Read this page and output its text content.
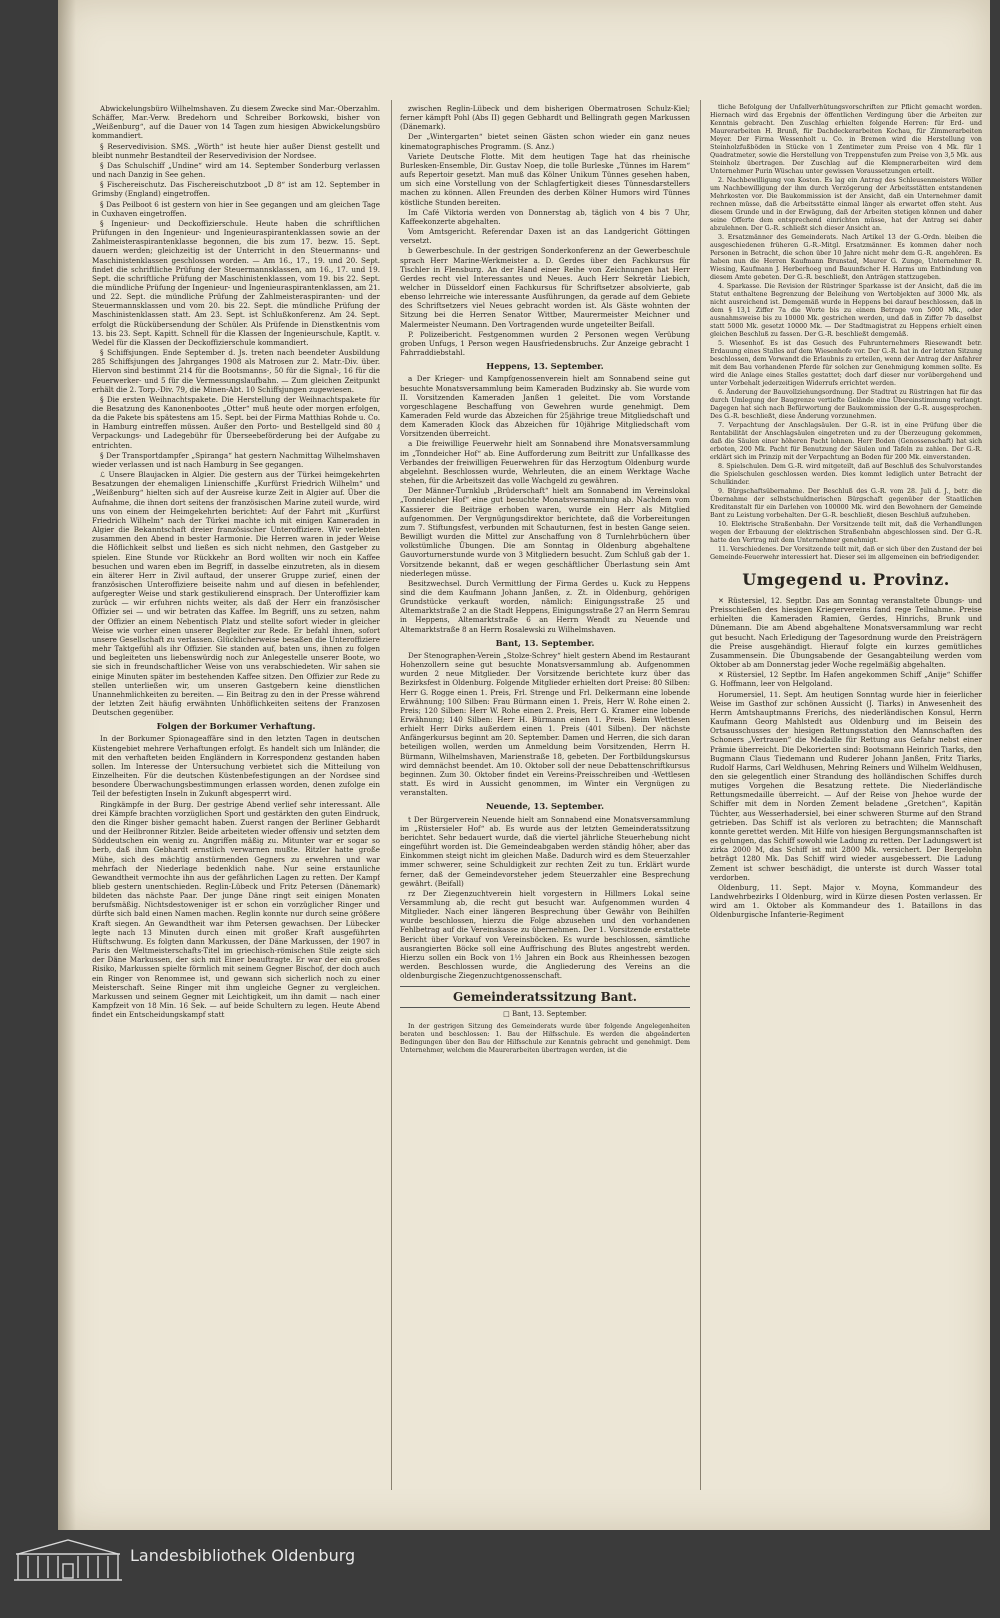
Abwickelungsbüro Wilhelmshaven. Zu diesem Zwecke sind Mar.-Oberzahlm. Schäffer, Mar.-Verw. Bredehorn und Schreiber Borkowski, bisher von „Weißenburg“, auf die Dauer von 14 Tagen zum hiesigen Abwickelungsbüro kommandiert.

§ Reservedivision. SMS. „Wörth“ ist heute hier außer Dienst gestellt und bleibt nunmehr Bestandteil der Reservedivision der Nordsee.

§ Das Schulschiff „Undine“ wird am 14. September Sonderburg verlassen und nach Danzig in See gehen.

§ Fischereischutz. Das Fischereischutzboot „D 8“ ist am 12. September in Grimsby (England) eingetroffen.

§ Das Peilboot 6 ist gestern von hier in See gegangen und am gleichen Tage in Cuxhaven eingetroffen.

§ Ingenieur- und Deckoffizierschule. Heute haben die schriftlichen Prüfungen in den Ingenieur- und Ingenieuraspirantenklassen sowie an der Zahlmeisteraspirantenklasse begonnen, die bis zum 17. bezw. 15. Sept. dauern werden; gleichzeitig ist der Unterricht in den Steuermanns- und Maschinistenklassen geschlossen worden. — Am 16., 17., 19. und 20. Sept. findet die schriftliche Prüfung der Steuermannsklassen, am 16., 17. und 19. Sept. die schriftliche Prüfung der Maschinistenklassen, vom 19. bis 22. Sept. die mündliche Prüfung der Ingenieur- und Ingenieuraspirantenklassen, am 21. und 22. Sept. die mündliche Prüfung der Zahlmeisteraspiranten- und der Steuermannsklassen und vom 20. bis 22. Sept. die mündliche Prüfung der Maschinistenklassen statt. Am 23. Sept. ist Schlußkonferenz. Am 24. Sept. erfolgt die Rückübersendung der Schüler. Als Prüfende in Dienstkentnis vom 13. bis 23. Sept. Kapitt. Schnell für die Klassen der Ingenieurschule, Kaptlt. v. Wedel für die Klassen der Deckoffizierschule kommandiert.

§ Schiffsjungen. Ende September d. Js. treten nach beendeter Ausbildung 285 Schiffsjungen des Jahrganges 1908 als Matrosen zur 2. Matr.-Div. über. Hiervon sind bestimmt 214 für die Bootsmanns-, 50 für die Signal-, 16 für die Feuerwerker- und 5 für die Vermessungslaufbahn. — Zum gleichen Zeitpunkt erhält die 2. Torp.-Div. 79, die Minen-Abt. 10 Schiffsjungen zugewiesen.

§ Die ersten Weihnachtspakete. Die Herstellung der Weihnachtspakete für die Besatzung des Kanonenbootes „Otter“ muß heute oder morgen erfolgen, da die Pakete bis spätestens am 15. Sept. bei der Firma Matthias Rohde u. Co. in Hamburg eintreffen müssen. Außer den Porto- und Bestellgeld sind 80 ₰ Verpackungs- und Ladegebühr für Überseebeförderung bei der Aufgabe zu entrichten.

§ Der Transportdampfer „Spiranga“ hat gestern Nachmittag Wilhelmshaven wieder verlassen und ist nach Hamburg in See gegangen.

ℒ Unsere Blaujacken in Algier. Die gestern aus der Türkei heimgekehrten Besatzungen der ehemaligen Linienschiffe „Kurfürst Friedrich Wilhelm“ und „Weißenburg“ hielten sich auf der Ausreise kurze Zeit in Algier auf. Über die Aufnahme, die ihnen dort seitens der französischen Marine zuteil wurde, wird uns von einem der Heimgekehrten berichtet: Auf der Fahrt mit „Kurfürst Friedrich Wilhelm“ nach der Türkei machte ich mit einigen Kameraden in Algier die Bekanntschaft dreier französischer Unteroffiziere. Wir verlebten zusammen den Abend in bester Harmonie. Die Herren waren in jeder Weise die Höflichkeit selbst und ließen es sich nicht nehmen, den Gastgeber zu spielen. Eine Stunde vor Rückkehr an Bord wollten wir noch ein Kaffee besuchen und waren eben im Begriff, in dasselbe einzutreten, als in diesem ein älterer Herr in Zivil auftaud, der unserer Gruppe zurief, einen der französischen Unteroffiziere beiseite nahm und auf diesen in befehlender, aufgeregter Weise und stark gestikulierend einsprach. Der Unteroffizier kam zurück — wir erfuhren nichts weiter, als daß der Herr ein französischer Offizier sei — und wir betraten das Kaffee. Im Begriff, uns zu setzen, nahm der Offizier an einem Nebentisch Platz und stellte sofort wieder in gleicher Weise wie vorher einen unserer Begleiter zur Rede. Er befahl ihnen, sofort unsere Gesellschaft zu verlassen. Glücklicherweise besaßen die Unteroffiziere mehr Taktgefühl als ihr Offizier. Sie standen auf, baten uns, ihnen zu folgen und begleiteten uns liebenswürdig noch zur Anlegestelle unserer Boote, wo sie sich in freundschaftlicher Weise von uns verabschiedeten. Wir sahen sie einige Minuten später im bestehenden Kaffee sitzen. Den Offizier zur Rede zu stellen unterließen wir, um unseren Gastgebern keine dienstlichen Unannehmlichkeiten zu bereiten. — Ein Beitrag zu den in der Presse während der letzten Zeit häufig erwähnten Unhöflichkeiten seitens der Franzosen Deutschen gegenüber.

Folgen der Borkumer Verhaftung.

In der Borkumer Spionageaffäre sind in den letzten Tagen in deutschen Küstengebiet mehrere Verhaftungen erfolgt. Es handelt sich um Inländer, die mit den verhafteten beiden Engländern in Korrespondenz gestanden haben sollen. Im Interesse der Untersuchung verbietet sich die Mitteilung von Einzelheiten. Für die deutschen Küstenbefestigungen an der Nordsee sind besondere Überwachungsbestimmungen erlassen worden, denen zufolge ein Teil der befestigten Inseln in Zukunft abgesperrt wird.

Ringkämpfe in der Burg. Der gestrige Abend verlief sehr interessant. Alle drei Kämpfe brachten vorzüglichen Sport und gestärkten den guten Eindruck, den die Ringer bisher gemacht haben. Zuerst rangen der Berliner Gebhardt und der Heilbronner Ritzler. Beide arbeiteten wieder offensiv und setzten dem Süddeutschen ein wenig zu. Angriffen mäßig zu. Mitunter war er sogar so berb, daß ihm Gebhardt ernstlich verwarnen mußte. Ritzler hatte große Mühe, sich des mächtig anstürmenden Gegners zu erwehren und war mehrfach der Niederlage bedenklich nahe. Nur seine erstaunliche Gewandtheit vermochte ihn aus der gefährlichen Lagen zu retten. Der Kampf blieb gestern unentschieden. Reglin-Lübeck und Fritz Petersen (Dänemark) bildeten das nächste Paar. Der junge Däne ringt seit einigen Monaten berufsmäßig. Nichtsdestoweniger ist er schon ein vorzüglicher Ringer und dürfte sich bald einen Namen machen. Reglin konnte nur durch seine größere Kraft siegen. An Gewandtheit war ihm Petersen gewachsen. Der Lübecker legte nach 13 Minuten durch einen mit großer Kraft ausgeführten Hüftschwung. Es folgten dann Markussen, der Däne Markussen, der 1907 in Paris den Weltmeisterschafts-Titel im griechisch-römischen Stile zeigte sich der Däne Markussen, der sich mit Einer beauftragte. Er war der ein großes Risiko, Markussen spielte förmlich mit seinem Gegner Bischof, der doch auch ein Ringer von Renommee ist, und gewann sich sicherlich noch zu einer Meisterschaft. Seine Ringer mit ihm ungleiche Gegner zu vergleichen. Markussen und seinem Gegner mit Leichtigkeit, um ihn damit — nach einer Kampfzeit von 18 Min. 16 Sek. — auf beide Schultern zu legen. Heute Abend findet ein Entscheidungskampf statt

zwischen Reglin-Lübeck und dem bisherigen Obermatrosen Schulz-Kiel; ferner kämpft Pohl (Abs II) gegen Gebhardt und Bellingrath gegen Markussen (Dänemark).

Der „Wintergarten“ bietet seinen Gästen schon wieder ein ganz neues kinematographisches Programm. (S. Anz.)

Variete Deutsche Flotte. Mit dem heutigen Tage hat das rheinische Burlesken-Ensemble, Dir. Gustav Noep, die tolle Burleske „Tünnes im Harem“ aufs Repertoir gesetzt. Man muß das Kölner Unikum Tünnes gesehen haben, um sich eine Vorstellung von der Schlagfertigkeit dieses Tünnesdarstellers machen zu können. Allen Freunden des derben Kölner Humors wird Tünnes köstliche Stunden bereiten.

Im Café Viktoria werden von Donnerstag ab, täglich von 4 bis 7 Uhr, Kaffeekonzerte abgehalten.

Vom Amtsgericht. Referendar Daxen ist an das Landgericht Göttingen versetzt.

b Gewerbeschule. In der gestrigen Sonderkonferenz an der Gewerbeschule sprach Herr Marine-Werkmeister a. D. Gerdes über den Fachkursus für Tischler in Flensburg. An der Hand einer Reihe von Zeichnungen hat Herr Gerdes recht viel Interessantes und Neues. Auch Herr Sekretär Liebich, welcher in Düsseldorf einen Fachkursus für Schriftsetzer absolvierte, gab ebenso lehrreiche wie interessante Ausführungen, da gerade auf dem Gebiete des Schriftsetzers viel Neues gebracht worden ist. Als Gäste wohnten der Sitzung bei die Herren Senator Wittber, Maurermeister Meichner und Malermeister Neumann. Den Vortragenden wurde ungeteilter Beifall.

P. Polizeibericht. Festgenommen wurden 2 Personen wegen Verübung groben Unfugs, 1 Person wegen Hausfriedensbruchs. Zur Anzeige gebracht 1 Fahrraddiebstahl.

Heppens, 13. September.

a Der Krieger- und Kampfgenossenverein hielt am Sonnabend seine gut besuchte Monatsversammlung beim Kameraden Budzinsky ab. Sie wurde vom II. Vorsitzenden Kameraden Janßen 1 geleitet. Die vom Vorstande vorgeschlagene Beschaffung von Gewehren wurde genehmigt. Dem Kameraden Feld wurde das Abzeichen für 25jährige treue Mitgliedschaft und dem Kameraden Klock das Abzeichen für 10jährige Mitgliedschaft vom Vorsitzenden überreicht.

a Die freiwillige Feuerwehr hielt am Sonnabend ihre Monatsversammlung im „Tonndeicher Hof“ ab. Eine Aufforderung zum Beitritt zur Unfallkasse des Verbandes der freiwilligen Feuerwehren für das Herzogtum Oldenburg wurde abgelehnt. Beschlossen wurde, Wehrleuten, die an einem Werktage Wache stehen, für die Arbeitszeit das volle Wachgeld zu gewähren.

Der Männer-Turnklub „Brüderschaft“ hielt am Sonnabend im Vereinslokal „Tonndeicher Hof“ eine gut besuchte Monatsversammlung ab. Nachdem vom Kassierer die Beiträge erhoben waren, wurde ein Herr als Mitglied aufgenommen. Der Vergnügungsdirektor berichtete, daß die Vorbereitungen zum 7. Stiftungsfest, verbunden mit Schauturnen, fest in besten Gange seien. Bewilligt wurden die Mittel zur Anschaffung von 8 Turnlehrbüchern über volkstümliche Übungen. Die am Sonntag in Oldenburg abgehaltene Gauvorturnerstunde wurde von 3 Mitgliedern besucht. Zum Schluß gab der 1. Vorsitzende bekannt, daß er wegen geschäftlicher Überlastung sein Amt niederlegen müsse.

Besitzwechsel. Durch Vermittlung der Firma Gerdes u. Kuck zu Heppens sind die dem Kaufmann Johann Janßen, z. Zt. in Oldenburg, gehörigen Grundstücke verkauft worden, nämlich: Einigungsstraße 25 und Altemarktstraße 2 an die Stadt Heppens, Einigungsstraße 27 an Herrn Semrau in Heppens, Altemarktstraße 6 an Herrn Wendt zu Neuende und Altemarktstraße 8 an Herrn Rosalewski zu Wilhelmshaven.

Bant, 13. September.

Der Stenographen-Verein „Stolze-Schrey“ hielt gestern Abend im Restaurant Hohenzollern seine gut besuchte Monatsversammlung ab. Aufgenommen wurden 2 neue Mitglieder. Der Vorsitzende berichtete kurz über das Bezirksfest in Oldenburg. Folgende Mitglieder erhielten dort Preise: 80 Silben: Herr G. Rogge einen 1. Preis, Frl. Strenge und Frl. Delkermann eine lobende Erwähnung; 100 Silben: Frau Bürmann einen 1. Preis, Herr W. Rohe einen 2. Preis; 120 Silben: Herr W. Rohe einen 2. Preis, Herr G. Kramer eine lobende Erwähnung; 140 Silben: Herr H. Bürmann einen 1. Preis. Beim Wettlesen erhielt Herr Dirks außerdem einen 1. Preis (401 Silben). Der nächste Anfängerkursus beginnt am 20. September. Damen und Herren, die sich daran beteiligen wollen, werden um Anmeldung beim Vorsitzenden, Herrn H. Bürmann, Wilhelmshaven, Marienstraße 18, gebeten. Der Fortbildungskursus wird demnächst beendet. Am 10. Oktober soll der neue Debattenschriftkursus beginnen. Zum 30. Oktober findet ein Vereins-Preisschreiben und -Wettlesen statt. Es wird in Aussicht genommen, im Winter ein Vergnügen zu veranstalten.

Neuende, 13. September.

t Der Bürgerverein Neuende hielt am Sonnabend eine Monatsversammlung im „Rüstersieler Hof“ ab. Es wurde aus der letzten Gemeinderatssitzung berichtet. Sehr bedauert wurde, daß die viertel jährliche Steuerhebung nicht eingeführt worden ist. Die Gemeindeabgaben werden ständig höher, aber das Einkommen steigt nicht im gleichen Maße. Dadurch wird es dem Steuerzahler immer schwerer, seine Schuldigkeit zur rechten Zeit zu tun. Erklärt wurde ferner, daß der Gemeindevorsteher jedem Steuerzahler eine Besprechung gewährt. (Beifall)

rz Der Ziegenzuchtverein hielt vorgestern in Hillmers Lokal seine Versammlung ab, die recht gut besucht war. Aufgenommen wurden 4 Mitglieder. Nach einer längeren Besprechung über Gewähr von Beihilfen wurde beschlossen, hierzu die Folge abzusehen und den vorhandenen Fehlbetrag auf die Vereinskasse zu übernehmen. Der 1. Vorsitzende erstattete Bericht über Vorkauf von Vereinsböcken. Es wurde beschlossen, sämtliche ausrangierten Böcke soll eine Auffrischung des Blutes angestrebt werden. Hierzu sollen ein Bock von 1½ Jahren ein Bock aus Rheinhessen bezogen werden. Beschlossen wurde, die Angliederung des Vereins an die oldenburgische Ziegenzuchtgenossenschaft.

Gemeinderatssitzung Bant.

□ Bant, 13. September.

In der gestrigen Sitzung des Gemeinderats wurde über folgende Angelegenheiten beraten und beschlossen: 1. Bau der Hilfsschule. Es werden die abgeänderten Bedingungen über den Bau der Hilfsschule zur Kenntnis gebracht und genehmigt. Dem Unternehmer, welchem die Maurerarbeiten übertragen werden, ist die

tliche Befolgung der Unfallverhütungsvorschriften zur Pflicht gemacht worden. Hiernach wird das Ergebnis der öffentlichen Verdingung über die Arbeiten zur Kenntnis gebracht. Den Zuschlag erhielten folgende Herren: für Erd- und Maurerarbeiten H. Brunß, für Dachdeckerarbeiten Kochau, für Zimmerarbeiten Meyer. Der Firma Wessenholt u. Co. in Bremen wird die Herstellung von Steinholzfußböden in Stücke von 1 Zentimeter zum Preise von 4 Mk. für 1 Quadratmeter, sowie die Herstellung von Treppenstufen zum Preise von 3,5 Mk. aus Steinholz übertragen. Der Zuschlag auf die Klempnerarbeiten wird dem Unternehmer Purin Wüschau unter gewissen Voraussetzungen erteilt.

2. Nachbewilligung von Kosten. Es lag ein Antrag des Schleusenmeisters Wöller um Nachbewilligung der ihm durch Verzögerung der Arbeitsstätten entstandenen Mehrkosten vor. Die Baukommission ist der Ansicht, daß ein Unternehmer damit rechnen müsse, daß die Arbeitsstätte einmal länger als erwartet offen steht. Aus diesem Grunde und in der Erwägung, daß der Arbeiten stetigen können und daher seine Offerte dem entsprechend einrichten müsse, hat der Antrag sei daher abzulehnen. Der G.-R. schließt sich dieser Ansicht an.

3. Ersatzmänner des Gemeinderats. Nach Artikel 13 der G.-Ordn. bleiben die ausgeschiedenen früheren G.-R.-Mitgl. Ersatzmänner. Es kommen daher noch Personen in Betracht, die schon über 10 Jahre nicht mehr dem G.-R. angehören. Es haben nun die Herren Kaufmann Brunstad, Maurer G. Zunge, Unternehmer R. Wiesing, Kaufmann J. Herberhoeg und Bauunfscher H. Harms um Entbindung von diesem Amte gebeten. Der G.-R. beschließt, den Anträgen stattzugeben.

4. Sparkasse. Die Revision der Rüstringer Sparkasse ist der Ansicht, daß die im Statut enthaltene Begrenzung der Beleihung von Wertobjekten auf 3000 Mk. als nicht ausreichend ist. Demgemäß wurde in Heppens bei darauf beschlossen, daß in dem § 13,1 Ziffer 7a die Worte bis zu einem Betrage von 5000 Mk., oder ausnahmsweise bis zu 10000 Mk. gestrichen werden, und daß in Ziffer 7b daselbst statt 5000 Mk. gesetzt 10000 Mk. — Der Stadtmagistrat zu Heppens erhielt einen gleichen Beschluß zu fassen. Der G.-R. beschließt demgemäß.

5. Wiesenhof. Es ist das Gesuch des Fuhrunternehmers Riesewandt betr. Erdauung eines Stalles auf dem Wiesenhofe vor. Der G.-R. hat in der letzten Sitzung beschlossen, dem Vorwandt die Erlaubnis zu erteilen, wenn der Antrag der Anfahrer mit dem Bau vorhandenen Pferde für solchen zur Genehmigung kommen sollte. Es wird die Anlage eines Stalles gestattet; doch darf dieser nur vorübergehend und unter Vorbehalt jederzeitigen Widerrufs errichtet werden.

6. Änderung der Bauvollziehungsordnung. Der Stadtrat zu Rüstringen hat für das durch Umlegung der Baugrenze vertiefte Gelände eine Übereinstimmung verlangt. Dagegen hat sich nach Befürwortung der Baukommission der G.-R. ausgesprochen. Des G.-R. beschließt, diese Änderung vorzunehmen.

7. Verpachtung der Anschlagsäulen. Der G.-R. ist in eine Prüfung über die Rentabilität der Anschlagsäulen eingetreten und zu der Überzeugung gekommen, daß die Säulen einer höheren Pacht lohnen. Herr Boden (Genossenschaft) hat sich erboten, 200 Mk. Pacht für Benutzung der Säulen und Tafeln zu zahlen. Der G.-R. erklärt sich im Prinzip mit der Verpachtung an Boden für 200 Mk. einverstanden.

8. Spielschulen. Dem G.-R. wird mitgeteilt, daß auf Beschluß des Schulvorstandes die Spielschulen geschlossen werden. Dies kommt lediglich unter Betracht der Schulkinder.

9. Bürgschaftsübernahme. Der Beschluß des G.-R. vom 28. Juli d. J., betr. die Übernahme der selbstschuldnerischen Bürgschaft gegenüber der Staatlichen Kreditanstalt für ein Darlehen von 100000 Mk. wird den Bewohnern der Gemeinde Bant zu Leistung vorbehalten. Der G.-R. beschließt, diesen Beschluß aufzuheben.

10. Elektrische Straßenbahn. Der Vorsitzende teilt mit, daß die Verhandlungen wegen der Erbauung der elektrischen Straßenbahn abgeschlossen sind. Der G.-R. hatte den Vertrag mit dem Unternehmer genehmigt.

11. Verschiedenes. Der Vorsitzende teilt mit, daß er sich über den Zustand der bei Gemeinde-Feuerwehr interessiert hat. Dieser sei im allgemeinen ein befriedigender.

Umgegend u. Provinz.

✕ Rüstersiel, 12. Septbr. Das am Sonntag veranstaltete Übungs- und Preisschießen des hiesigen Kriegervereins fand rege Teilnahme. Preise erhielten die Kameraden Ramien, Gerdes, Hinrichs, Brunk und Dünemann. Die am Abend abgehaltene Monatsversammlung war recht gut besucht. Nach Erledigung der Tagesordnung wurde den Preisträgern die Preise ausgehändigt. Hierauf folgte ein kurzes gemütliches Zusammensein. Die Übungsabende der Gesangabteilung werden vom Oktober ab am Donnerstag jeder Woche regelmäßig abgehalten.

✕ Rüstersiel, 12 Septbr. Im Hafen angekommen Schiff „Anije“ Schiffer G. Hoffmann, leer von Helgoland.

Horumersiel, 11. Sept. Am heutigen Sonntag wurde hier in feierlicher Weise im Gasthof zur schönen Aussicht (J. Tiarks) in Anwesenheit des Herrn Amtshauptmanns Frerichs, des niederländischen Konsul, Herrn Kaufmann Georg Mahlstedt aus Oldenburg und im Beisein des Ortsausschusses der hiesigen Rettungsstation den Mannschaften des Schoners „Vertrauen“ die Medaille für Rettung aus Gefahr nebst einer Prämie überreicht. Die Dekorierten sind: Bootsmann Heinrich Tiarks, den Bugmann Claus Tiedemann und Ruderer Johann Janßen, Fritz Tiarks, Rudolf Harms, Carl Weldhusen, Mehring Reiners und Wilhelm Weldhusen, den sie gelegentlich einer Strandung des holländischen Schiffes durch mutiges Vorgehen die Besatzung rettete. Die Niederländische Rettungsmedaille überreicht. — Auf der Reise von Jhehoe wurde der Schiffer mit dem in Norden Zement beladene „Gretchen“, Kapitän Tüchter, aus Wesserhadersiel, bei einer schweren Sturme auf den Strand getrieben. Das Schiff ist als verloren zu betrachten; die Mannschaft konnte gerettet werden. Mit Hilfe von hiesigen Bergungsmannschaften ist es gelungen, das Schiff sowohl wie Ladung zu retten. Der Ladungswert ist zirka 2000 M, das Schiff ist mit 2800 Mk. versichert. Der Bergelohn beträgt 1280 Mk. Das Schiff wird wieder ausgebessert. Die Ladung Zement ist schwer beschädigt, die unterste ist durch Wasser total verdorben.

Oldenburg, 11. Sept. Major v. Moyna, Kommandeur des Landwehrbezirks I Oldenburg, wird in Kürze diesen Posten verlassen. Er wird am 1. Oktober als Kommandeur des 1. Bataillons in das Oldenburgische Infanterie-Regiment

Landesbibliothek Oldenburg
